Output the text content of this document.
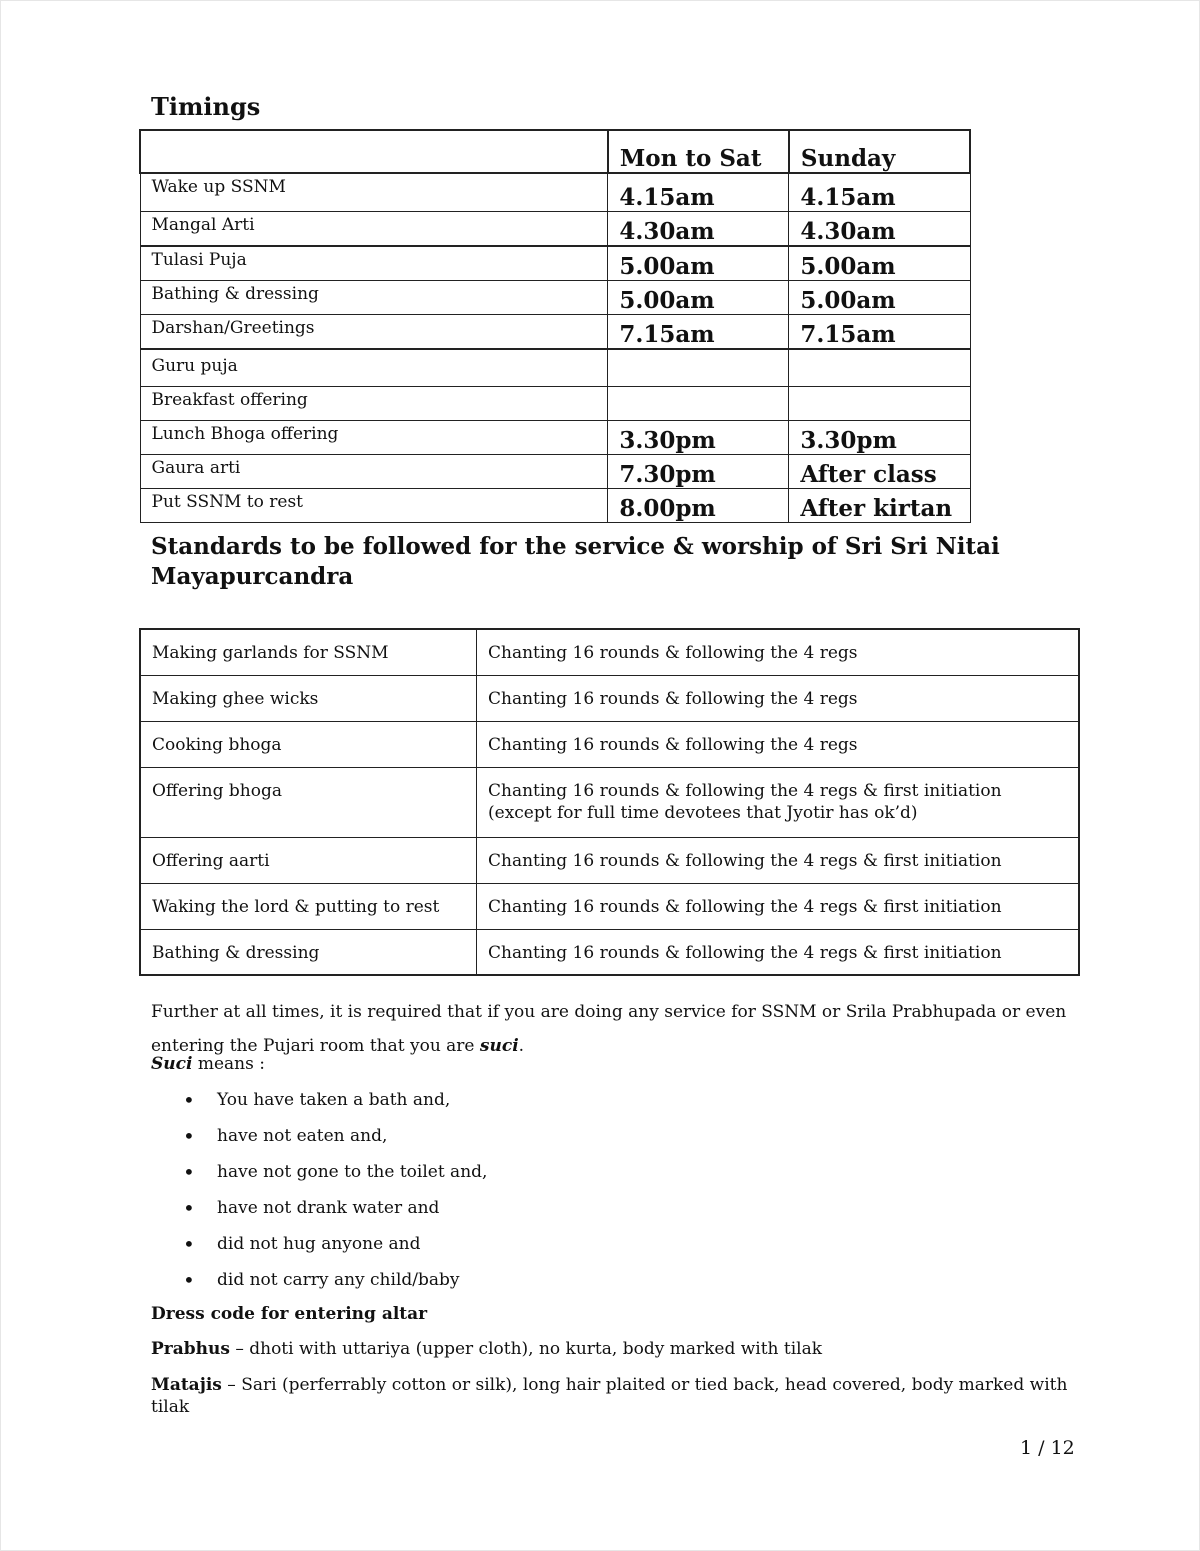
Timings
	Mon to Sat	Sunday
Wake up SSNM	4.15am	4.15am
Mangal Arti	4.30am	4.30am
Tulasi Puja	5.00am	5.00am
Bathing & dressing	5.00am	5.00am
Darshan/Greetings	7.15am	7.15am
Guru puja		
Breakfast offering		
Lunch Bhoga offering	3.30pm	3.30pm
Gaura arti	7.30pm	After class
Put SSNM to rest	8.00pm	After kirtan
Standards to be followed for the service & worship of Sri Sri Nitai Mayapurcandra
Making garlands for SSNM	Chanting 16 rounds & following the 4 regs
Making ghee wicks	Chanting 16 rounds & following the 4 regs
Cooking bhoga	Chanting 16 rounds & following the 4 regs
Offering bhoga	Chanting 16 rounds & following the 4 regs & first initiation (except for full time devotees that Jyotir has ok’d)
Offering aarti	Chanting 16 rounds & following the 4 regs & first initiation
Waking the lord & putting to rest	Chanting 16 rounds & following the 4 regs & first initiation
Bathing & dressing	Chanting 16 rounds & following the 4 regs & first initiation

Further at all times, it is required that if you are doing any service for SSNM or Srila Prabhupada or even entering the Pujari room that you are suci.

Suci means :

• You have taken a bath and,
• have not eaten and,
• have not gone to the toilet and,
• have not drank water and
• did not hug anyone and
• did not carry any child/baby

Dress code for entering altar

Prabhus – dhoti with uttariya (upper cloth), no kurta, body marked with tilak

Matajis – Sari (perferrably cotton or silk), long hair plaited or tied back, head covered, body marked with tilak

1 / 12
